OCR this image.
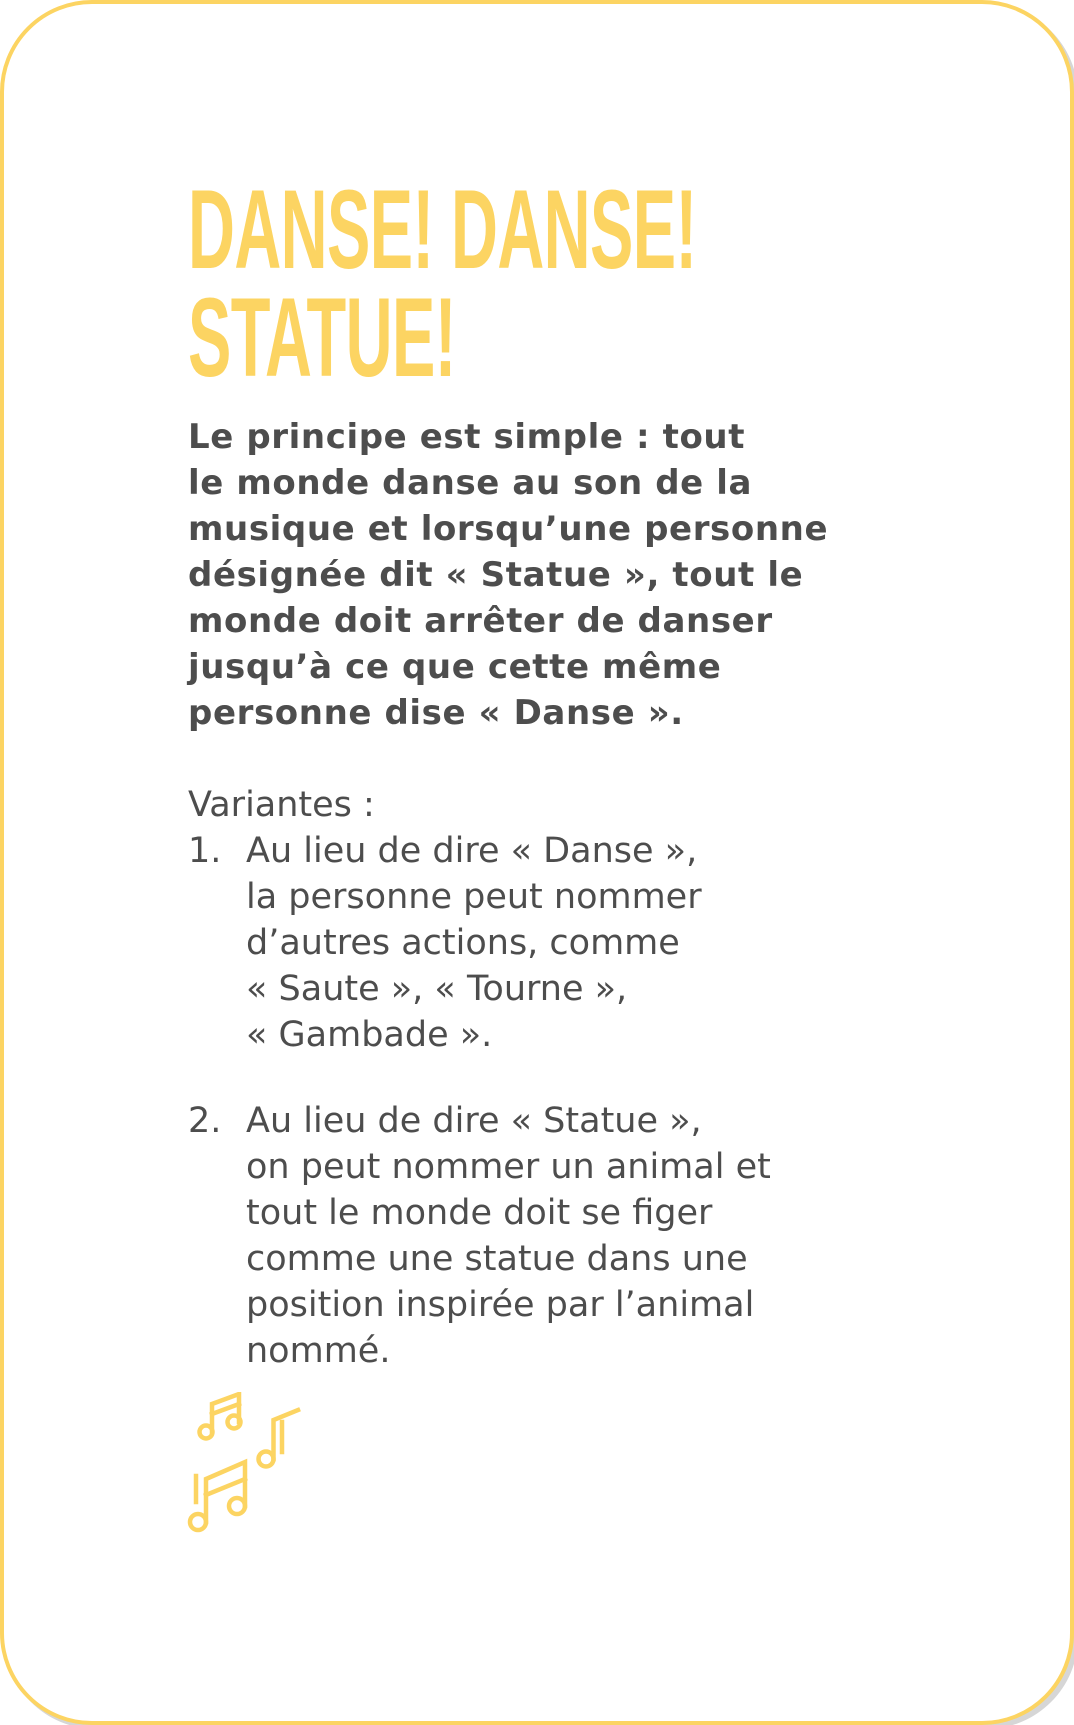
DANSE! DANSE!
STATUE!

Le principe est simple : tout
le monde danse au son de la
musique et lorsqu’une personne
désignée dit « Statue », tout le
monde doit arrêter de danser
jusqu’à ce que cette même
personne dise « Danse ».

Variantes :

1. Au lieu de dire « Danse »,
la personne peut nommer
d’autres actions, comme
« Saute », « Tourne »,
« Gambade ».
2. Au lieu de dire « Statue »,
on peut nommer un animal et
tout le monde doit se figer
comme une statue dans une
position inspirée par l’animal
nommé.
